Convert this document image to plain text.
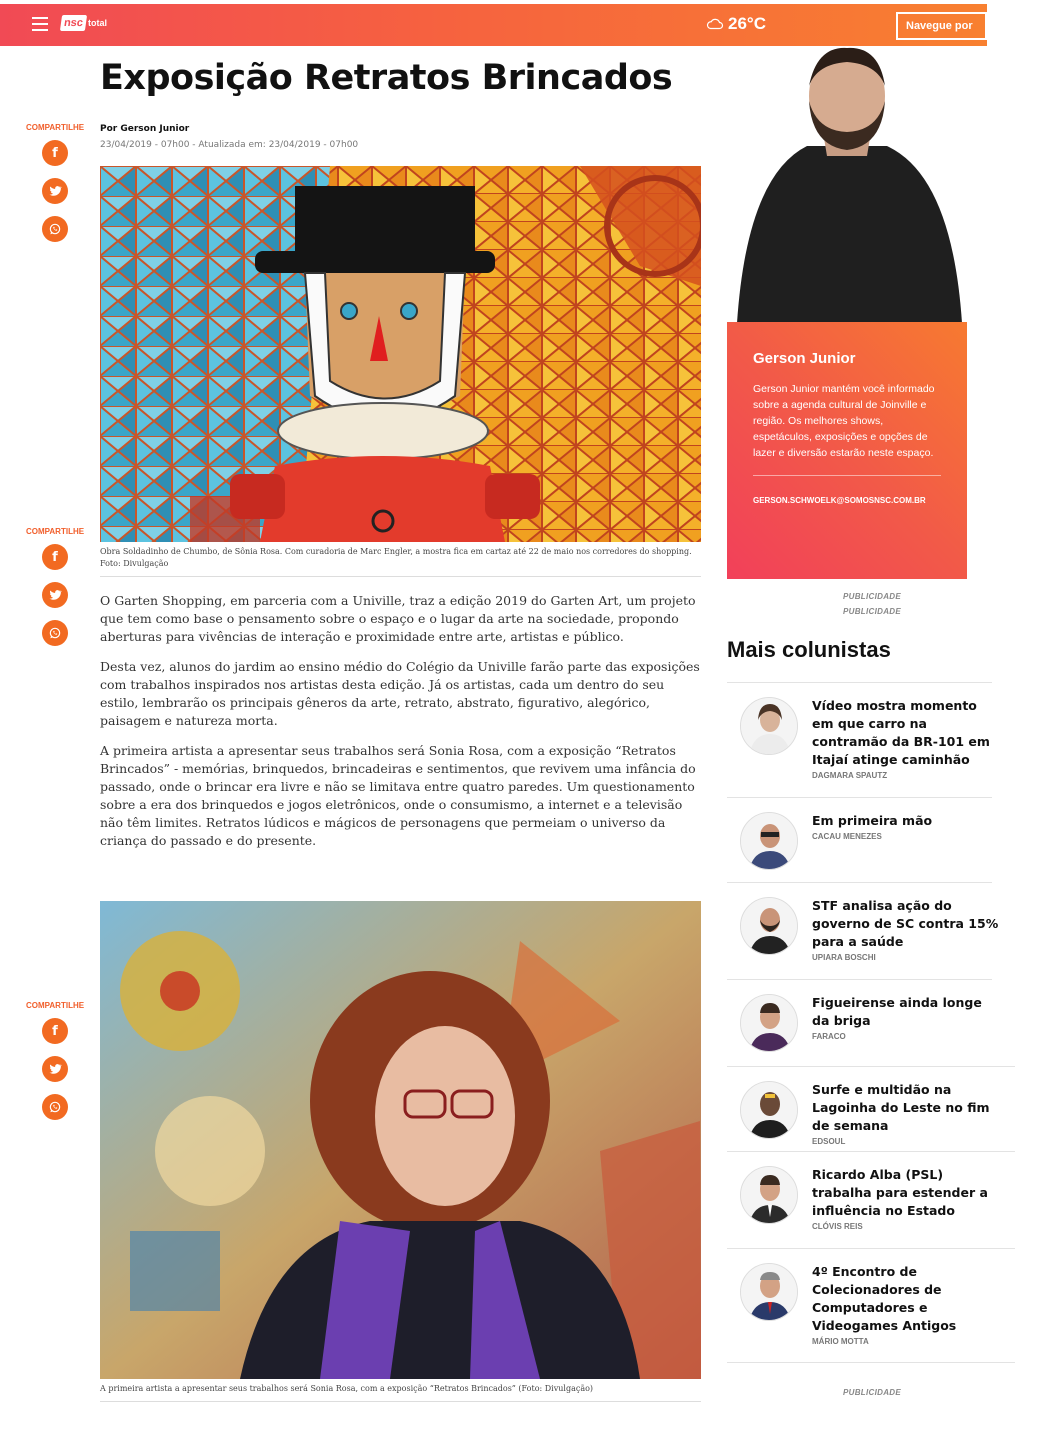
nsc total	26°C	Navegue por
Exposição Retratos Brincados
Por Gerson Junior
23/04/2019 - 07h00 - Atualizada em: 23/04/2019 - 07h00
COMPARTILHE
f
COMPARTILHE
f
COMPARTILHE
f
Obra Soldadinho de Chumbo, de Sônia Rosa. Com curadoria de Marc Engler, a mostra fica em cartaz até 22 de maio nos corredores do shopping. Foto: Divulgação

O Garten Shopping, em parceria com a Univille, traz a edição 2019 do Garten Art, um projeto que tem como base o pensamento sobre o espaço e o lugar da arte na sociedade, propondo aberturas para vivências de interação e proximidade entre arte, artistas e público.

Desta vez, alunos do jardim ao ensino médio do Colégio da Univille farão parte das exposições com trabalhos inspirados nos artistas desta edição. Já os artistas, cada um dentro do seu estilo, lembrarão os principais gêneros da arte, retrato, abstrato, figurativo, alegórico, paisagem e natureza morta.

A primeira artista a apresentar seus trabalhos será Sonia Rosa, com a exposição “Retratos Brincados” - memórias, brinquedos, brincadeiras e sentimentos, que revivem uma infância do passado, onde o brincar era livre e não se limitava entre quatro paredes. Um questionamento sobre a era dos brinquedos e jogos eletrônicos, onde o consumismo, a internet e a televisão não têm limites. Retratos lúdicos e mágicos de personagens que permeiam o universo da criança do passado e do presente.

A primeira artista a apresentar seus trabalhos será Sonia Rosa, com a exposição “Retratos Brincados” (Foto: Divulgação)
Gerson Junior
Gerson Junior mantém você informado sobre a agenda cultural de Joinville e região. Os melhores shows, espetáculos, exposições e opções de lazer e diversão estarão neste espaço.
GERSON.SCHWOELK@SOMOSNSC.COM.BR
PUBLICIDADE
PUBLICIDADE
Mais colunistas
Vídeo mostra momento em que carro na contramão da BR-101 em Itajaí atinge caminhão
DAGMARA SPAUTZ
Em primeira mão
CACAU MENEZES
STF analisa ação do governo de SC contra 15% para a saúde
UPIARA BOSCHI
Figueirense ainda longe da briga
FARACO
Surfe e multidão na Lagoinha do Leste no fim de semana
EDSOUL
Ricardo Alba (PSL) trabalha para estender a influência no Estado
CLÓVIS REIS
4º Encontro de Colecionadores de Computadores e Videogames Antigos
MÁRIO MOTTA
PUBLICIDADE
